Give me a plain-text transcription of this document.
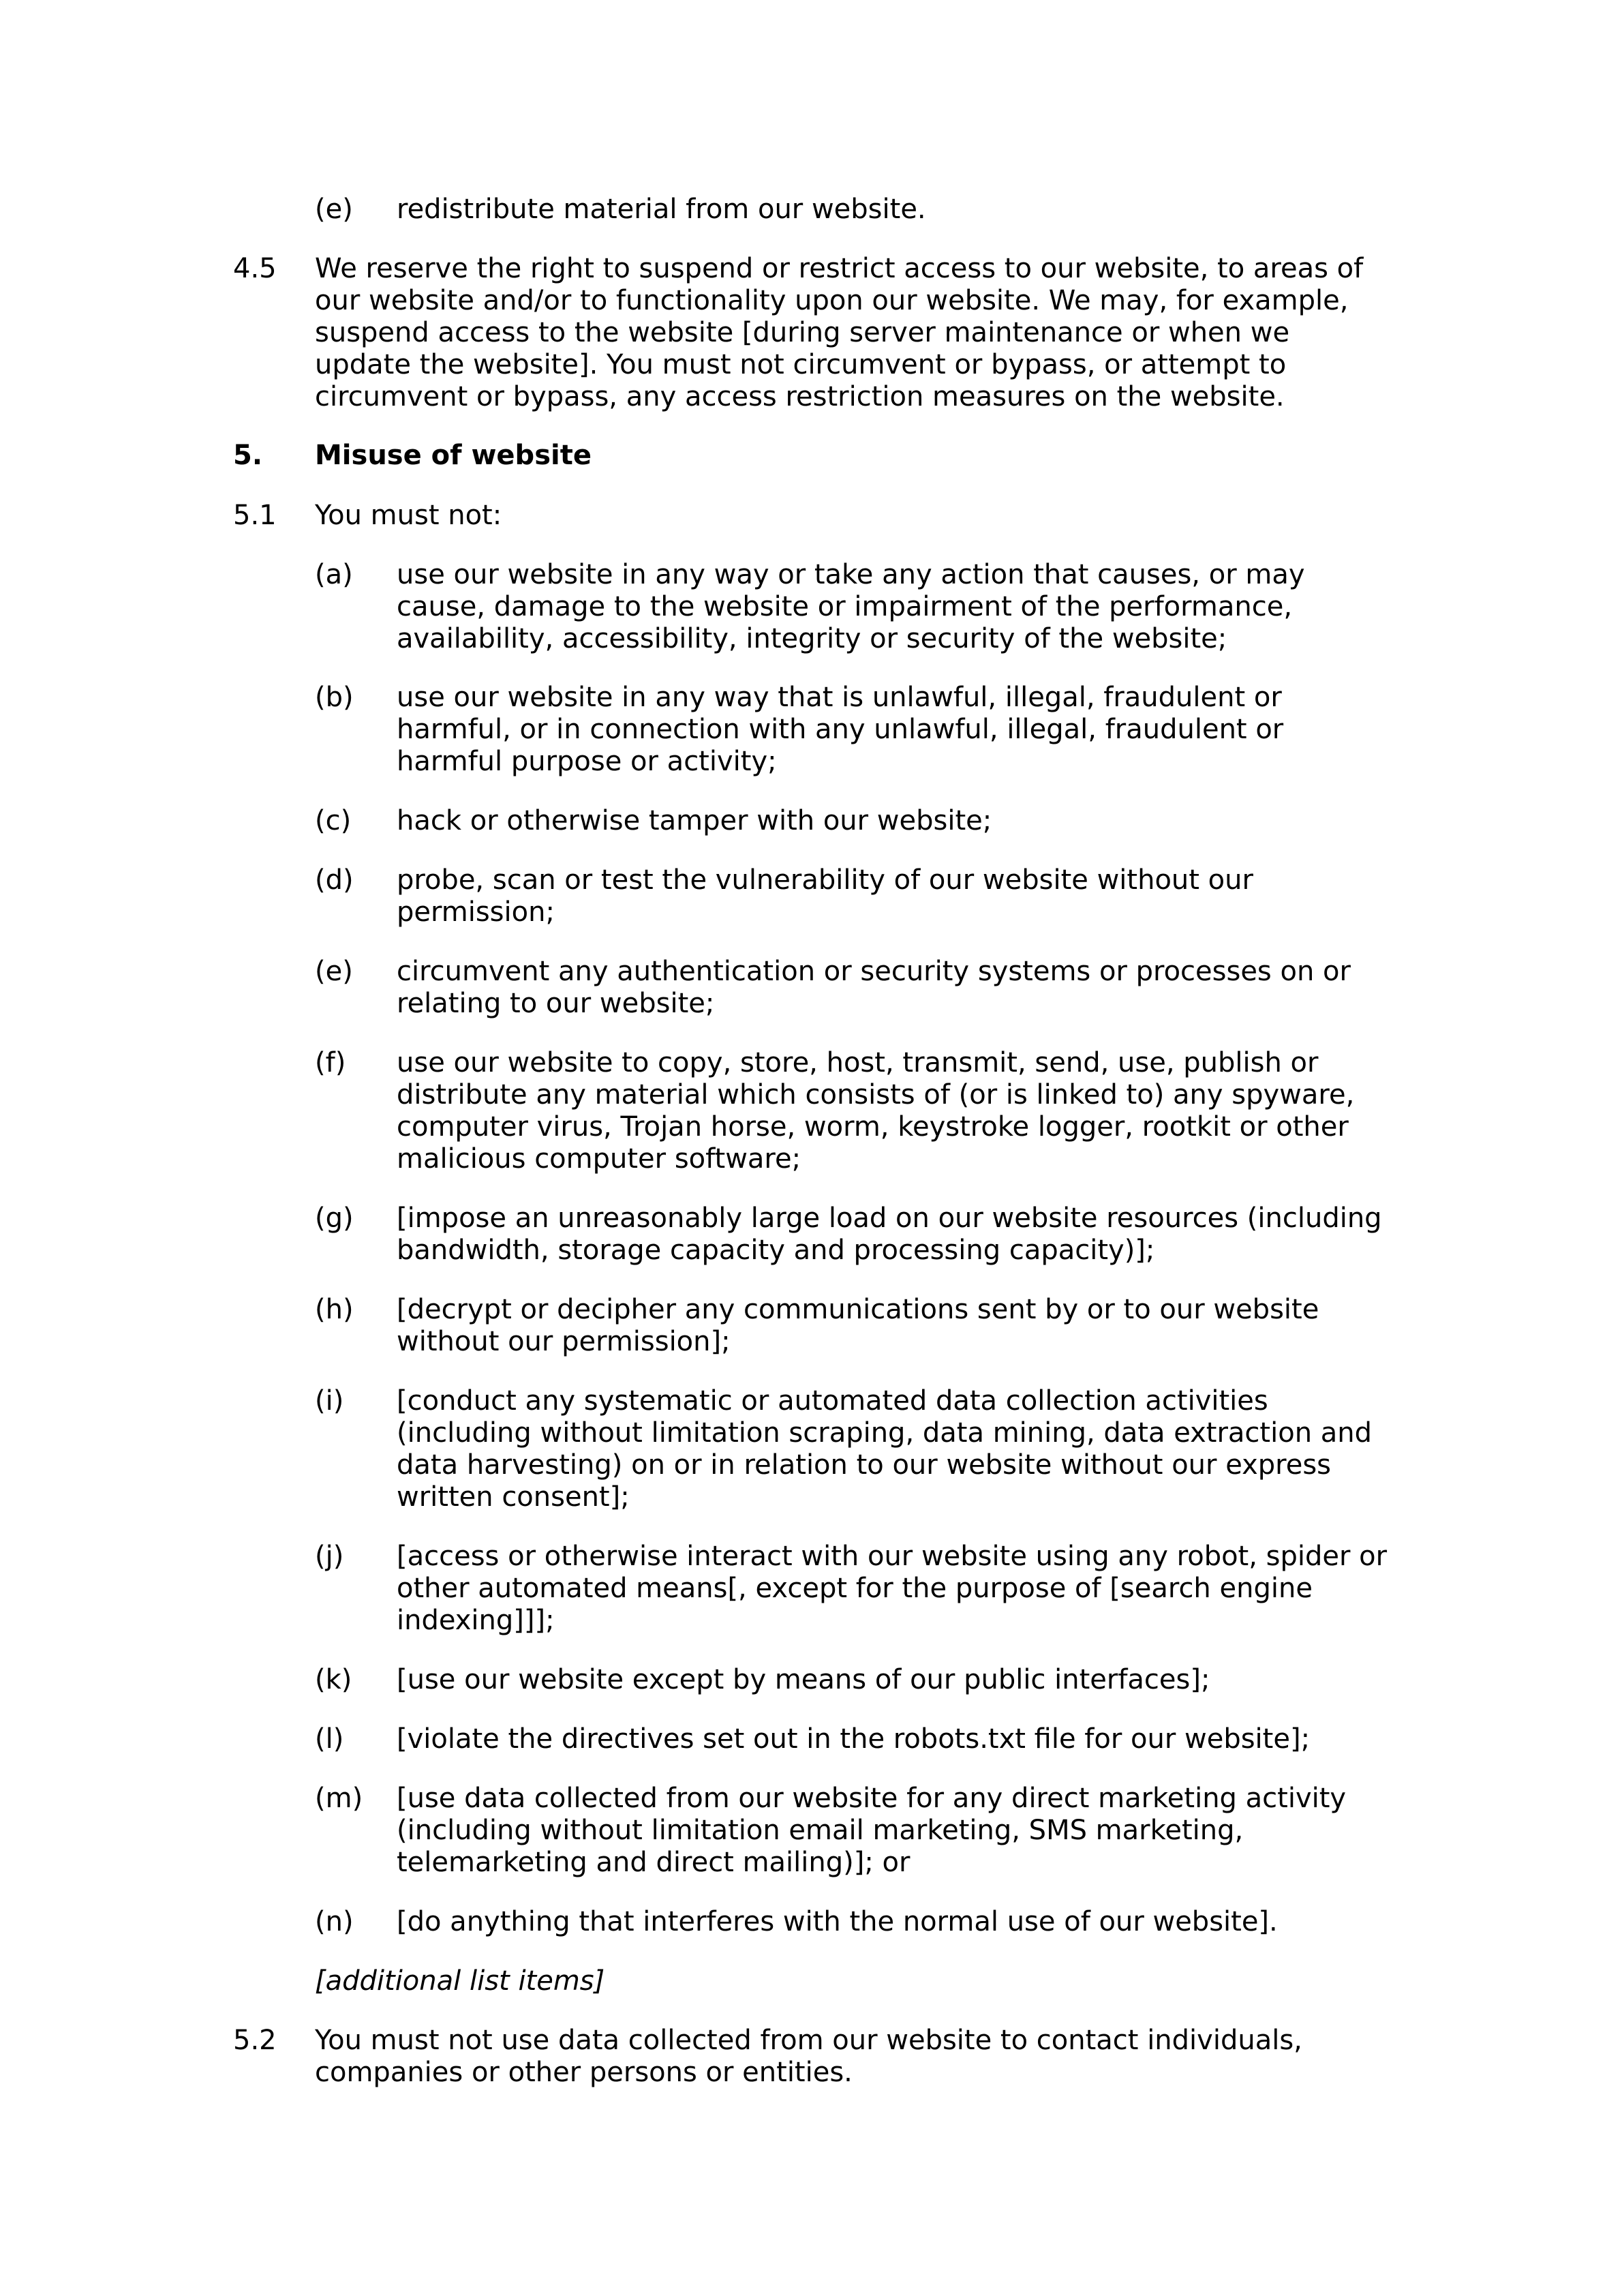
(e) redistribute material from our website.
4.5 We reserve the right to suspend or restrict access to our website, to areas of
our website and/or to functionality upon our website. We may, for example,
suspend access to the website [during server maintenance or when we
update the website]. You must not circumvent or bypass, or attempt to
circumvent or bypass, any access restriction measures on the website.
5. Misuse of website
5.1 You must not:
(a) use our website in any way or take any action that causes, or may
cause, damage to the website or impairment of the performance,
availability, accessibility, integrity or security of the website;
(b) use our website in any way that is unlawful, illegal, fraudulent or
harmful, or in connection with any unlawful, illegal, fraudulent or
harmful purpose or activity;
(c) hack or otherwise tamper with our website;
(d) probe, scan or test the vulnerability of our website without our
permission;
(e) circumvent any authentication or security systems or processes on or
relating to our website;
(f) use our website to copy, store, host, transmit, send, use, publish or
distribute any material which consists of (or is linked to) any spyware,
computer virus, Trojan horse, worm, keystroke logger, rootkit or other
malicious computer software;
(g) [impose an unreasonably large load on our website resources (including
bandwidth, storage capacity and processing capacity)];
(h) [decrypt or decipher any communications sent by or to our website
without our permission];
(i) [conduct any systematic or automated data collection activities
(including without limitation scraping, data mining, data extraction and
data harvesting) on or in relation to our website without our express
written consent];
(j) [access or otherwise interact with our website using any robot, spider or
other automated means[, except for the purpose of [search engine
indexing]]];
(k) [use our website except by means of our public interfaces];
(l) [violate the directives set out in the robots.txt file for our website];
(m) [use data collected from our website for any direct marketing activity
(including without limitation email marketing, SMS marketing,
telemarketing and direct mailing)]; or
(n) [do anything that interferes with the normal use of our website].
[additional list items]
5.2 You must not use data collected from our website to contact individuals,
companies or other persons or entities.
